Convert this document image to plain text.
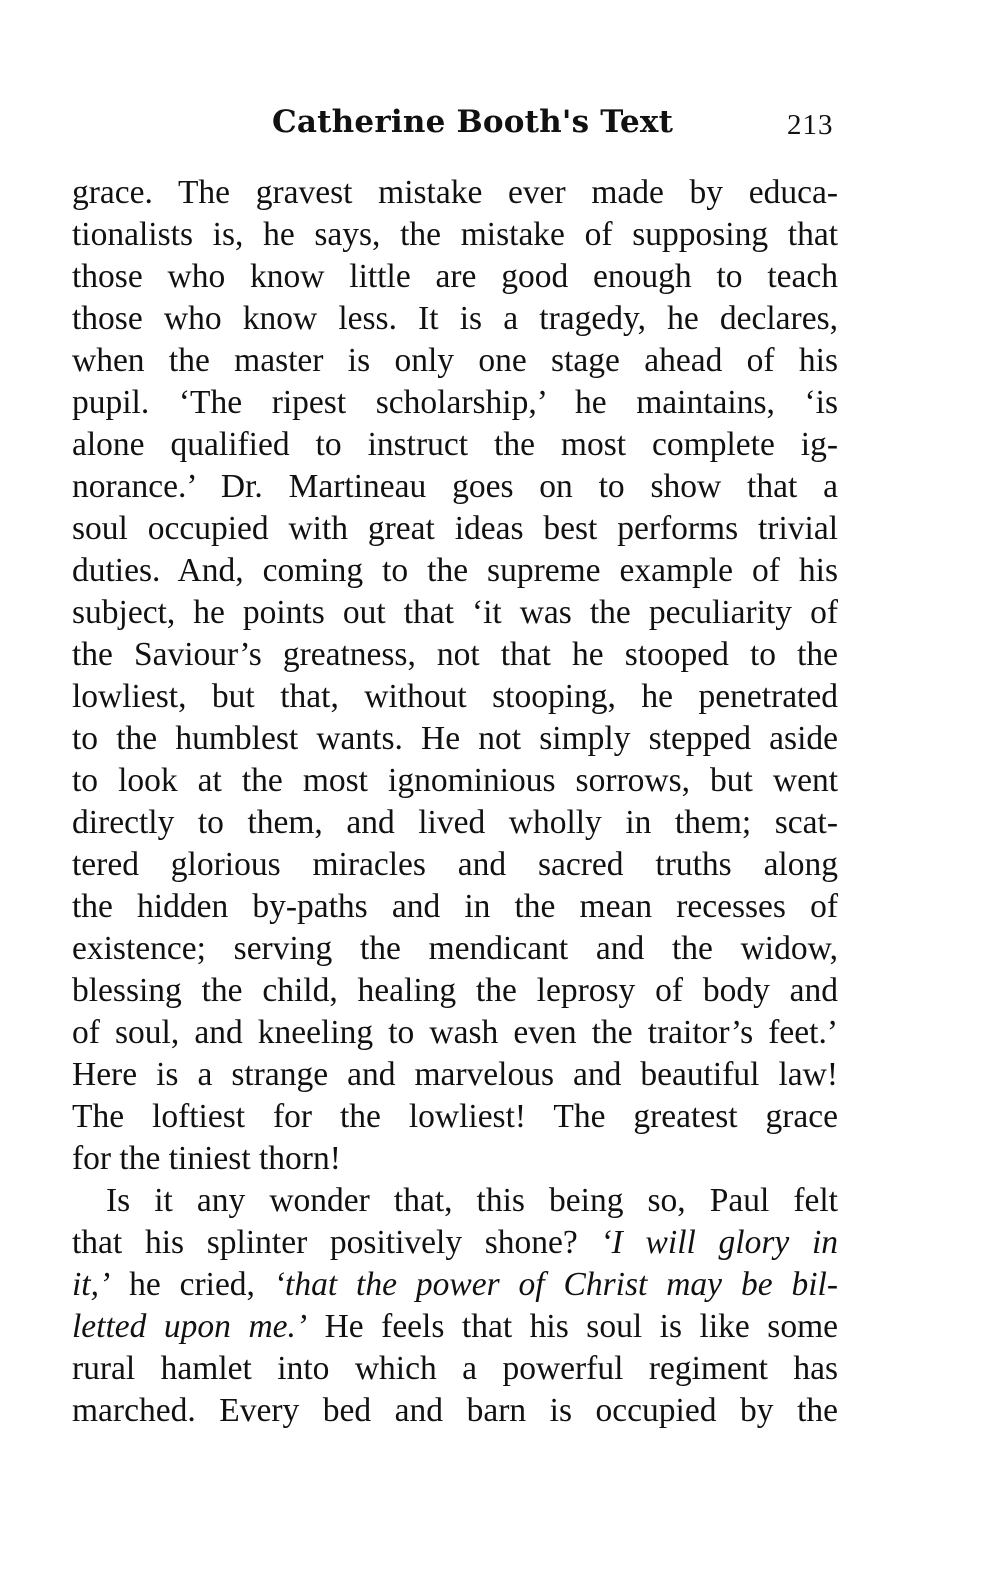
Catherine Booth's Text	213
grace. The gravest mistake ever made by educa-
tionalists is, he says, the mistake of supposing that
those who know little are good enough to teach
those who know less. It is a tragedy, he declares,
when the master is only one stage ahead of his
pupil. ‘The ripest scholarship,’ he maintains, ‘is
alone qualified to instruct the most complete ig-
norance.’ Dr. Martineau goes on to show that a
soul occupied with great ideas best performs trivial
duties. And, coming to the supreme example of his
subject, he points out that ‘it was the peculiarity of
the Saviour’s greatness, not that he stooped to the
lowliest, but that, without stooping, he penetrated
to the humblest wants. He not simply stepped aside
to look at the most ignominious sorrows, but went
directly to them, and lived wholly in them; scat-
tered glorious miracles and sacred truths along
the hidden by-paths and in the mean recesses of
existence; serving the mendicant and the widow,
blessing the child, healing the leprosy of body and
of soul, and kneeling to wash even the traitor’s feet.’
Here is a strange and marvelous and beautiful law!
The loftiest for the lowliest! The greatest grace
for the tiniest thorn!
Is it any wonder that, this being so, Paul felt
that his splinter positively shone? ‘I will glory in
it,’ he cried, ‘that the power of Christ may be bil-
letted upon me.’ He feels that his soul is like some
rural hamlet into which a powerful regiment has
marched. Every bed and barn is occupied by the
